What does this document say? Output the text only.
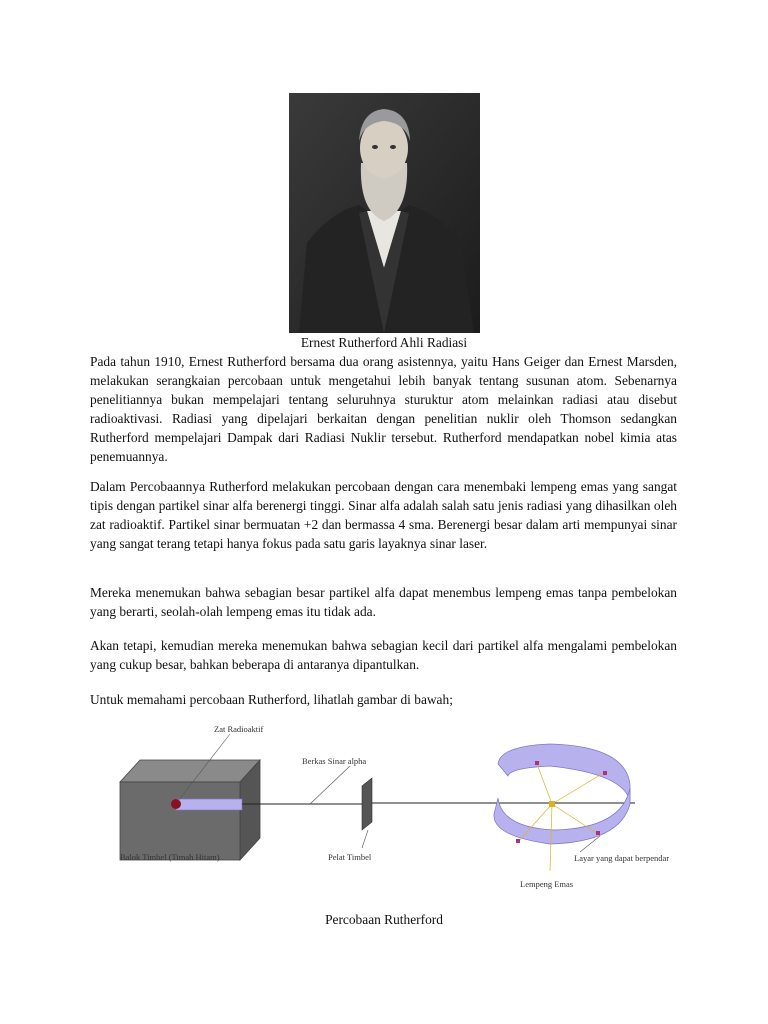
Ernest Rutherford Ahli Radiasi

Pada tahun 1910, Ernest Rutherford bersama dua orang asistennya, yaitu Hans Geiger dan Ernest Marsden, melakukan serangkaian percobaan untuk mengetahui lebih banyak tentang susunan atom. Sebenarnya penelitiannya bukan mempelajari tentang seluruhnya sturuktur atom melainkan radiasi atau disebut radioaktivasi. Radiasi yang dipelajari berkaitan dengan penelitian nuklir oleh Thomson sedangkan Rutherford mempelajari Dampak dari Radiasi Nuklir tersebut. Rutherford mendapatkan nobel kimia atas penemuannya.

Dalam Percobaannya Rutherford melakukan percobaan dengan cara menembaki lempeng emas yang sangat tipis dengan partikel sinar alfa berenergi tinggi. Sinar alfa adalah salah satu jenis radiasi yang dihasilkan oleh zat radioaktif. Partikel sinar bermuatan +2 dan bermassa 4 sma. Berenergi besar dalam arti mempunyai sinar yang sangat terang tetapi hanya fokus pada satu garis layaknya sinar laser.

Mereka menemukan bahwa sebagian besar partikel alfa dapat menembus lempeng emas tanpa pembelokan yang berarti, seolah-olah lempeng emas itu tidak ada.

Akan tetapi, kemudian mereka menemukan bahwa sebagian kecil dari partikel alfa mengalami pembelokan yang cukup besar, bahkan beberapa di antaranya dipantulkan.

Untuk memahami percobaan Rutherford, lihatlah gambar di bawah;

Zat Radioaktif
Berkas Sinar alpha
Balok Timbel (Timah Hitam)	Pelat Timbel	Layar yang dapat berpendar
Lempeng Emas
Percobaan Rutherford
